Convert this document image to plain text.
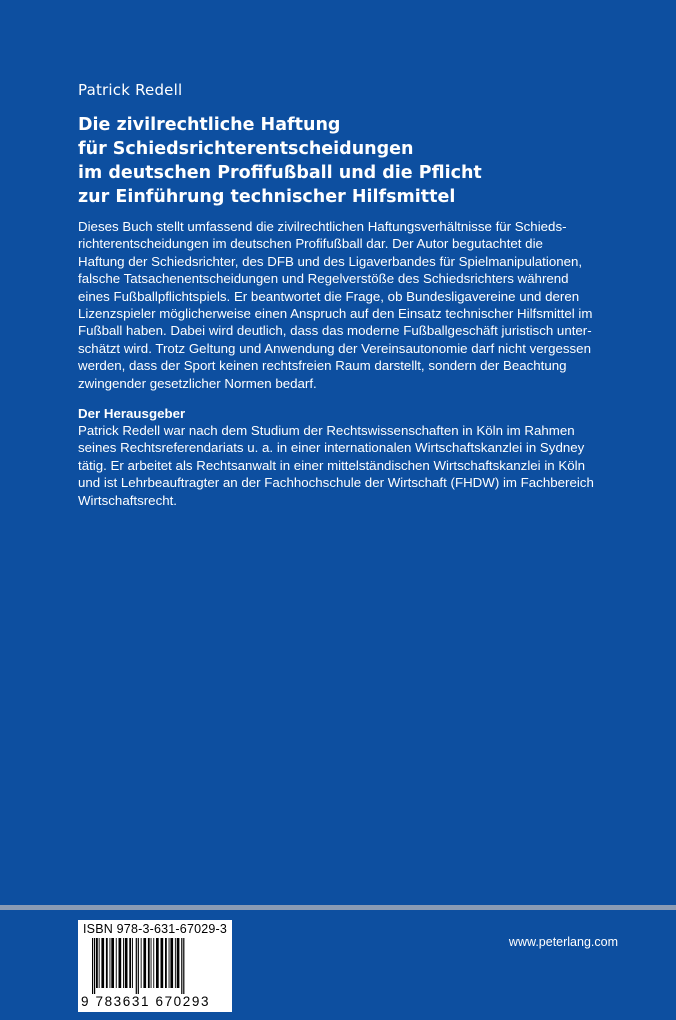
Patrick Redell
Die zivilrechtliche Haftung
für Schiedsrichterentscheidungen
im deutschen Profifußball und die Pflicht
zur Einführung technischer Hilfsmittel

Dieses Buch stellt umfassend die zivilrechtlichen Haftungsverhältnisse für Schieds-
richterentscheidungen im deutschen Profifußball dar. Der Autor begutachtet die
Haftung der Schiedsrichter, des DFB und des Ligaverbandes für Spielmanipulationen,
falsche Tatsachenentscheidungen und Regelverstöße des Schiedsrichters während
eines Fußballpflichtspiels. Er beantwortet die Frage, ob Bundesligavereine und deren
Lizenzspieler möglicherweise einen Anspruch auf den Einsatz technischer Hilfsmittel im
Fußball haben. Dabei wird deutlich, dass das moderne Fußballgeschäft juristisch unter-
schätzt wird. Trotz Geltung und Anwendung der Vereinsautonomie darf nicht vergessen
werden, dass der Sport keinen rechtsfreien Raum darstellt, sondern der Beachtung
zwingender gesetzlicher Normen bedarf.

Der Herausgeber

Patrick Redell war nach dem Studium der Rechtswissenschaften in Köln im Rahmen
seines Rechtsreferendariats u. a. in einer internationalen Wirtschaftskanzlei in Sydney
tätig. Er arbeitet als Rechtsanwalt in einer mittelständischen Wirtschaftskanzlei in Köln
und ist Lehrbeauftragter an der Fachhochschule der Wirtschaft (FHDW) im Fachbereich
Wirtschaftsrecht.

ISBN 978-3-631-67029-3
9 783631 670293
www.peterlang.com
